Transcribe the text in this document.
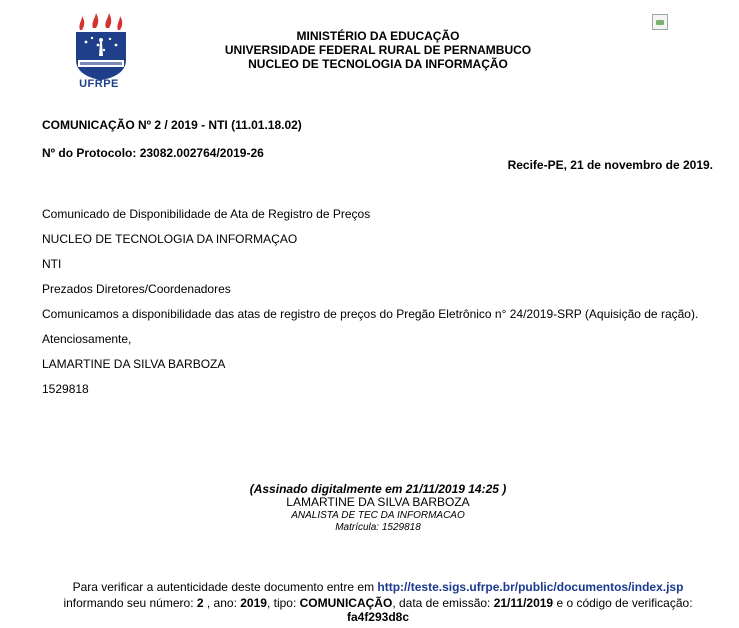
UFRPE
MINISTÉRIO DA EDUCAÇÃO
UNIVERSIDADE FEDERAL RURAL DE PERNAMBUCO
NUCLEO DE TECNOLOGIA DA INFORMAÇÃO
COMUNICAÇÃO Nº 2 / 2019 - NTI (11.01.18.02)
Nº do Protocolo: 23082.002764/2019-26
Recife-PE, 21 de novembro de 2019.
Comunicado de Disponibilidade de Ata de Registro de Preços
NUCLEO DE TECNOLOGIA DA INFORMAÇAO
NTI
Prezados Diretores/Coordenadores
Comunicamos a disponibilidade das atas de registro de preços do Pregão Eletrônico n° 24/2019-SRP (Aquisição de ração).
Atenciosamente,
LAMARTINE DA SILVA BARBOZA
1529818
(Assinado digitalmente em 21/11/2019 14:25 )
LAMARTINE DA SILVA BARBOZA
ANALISTA DE TEC DA INFORMACAO
Matrícula: 1529818
Para verificar a autenticidade deste documento entre em http://teste.sigs.ufrpe.br/public/documentos/index.jsp
informando seu número: 2 , ano: 2019, tipo: COMUNICAÇÃO, data de emissão: 21/11/2019 e o código de verificação:
fa4f293d8c
